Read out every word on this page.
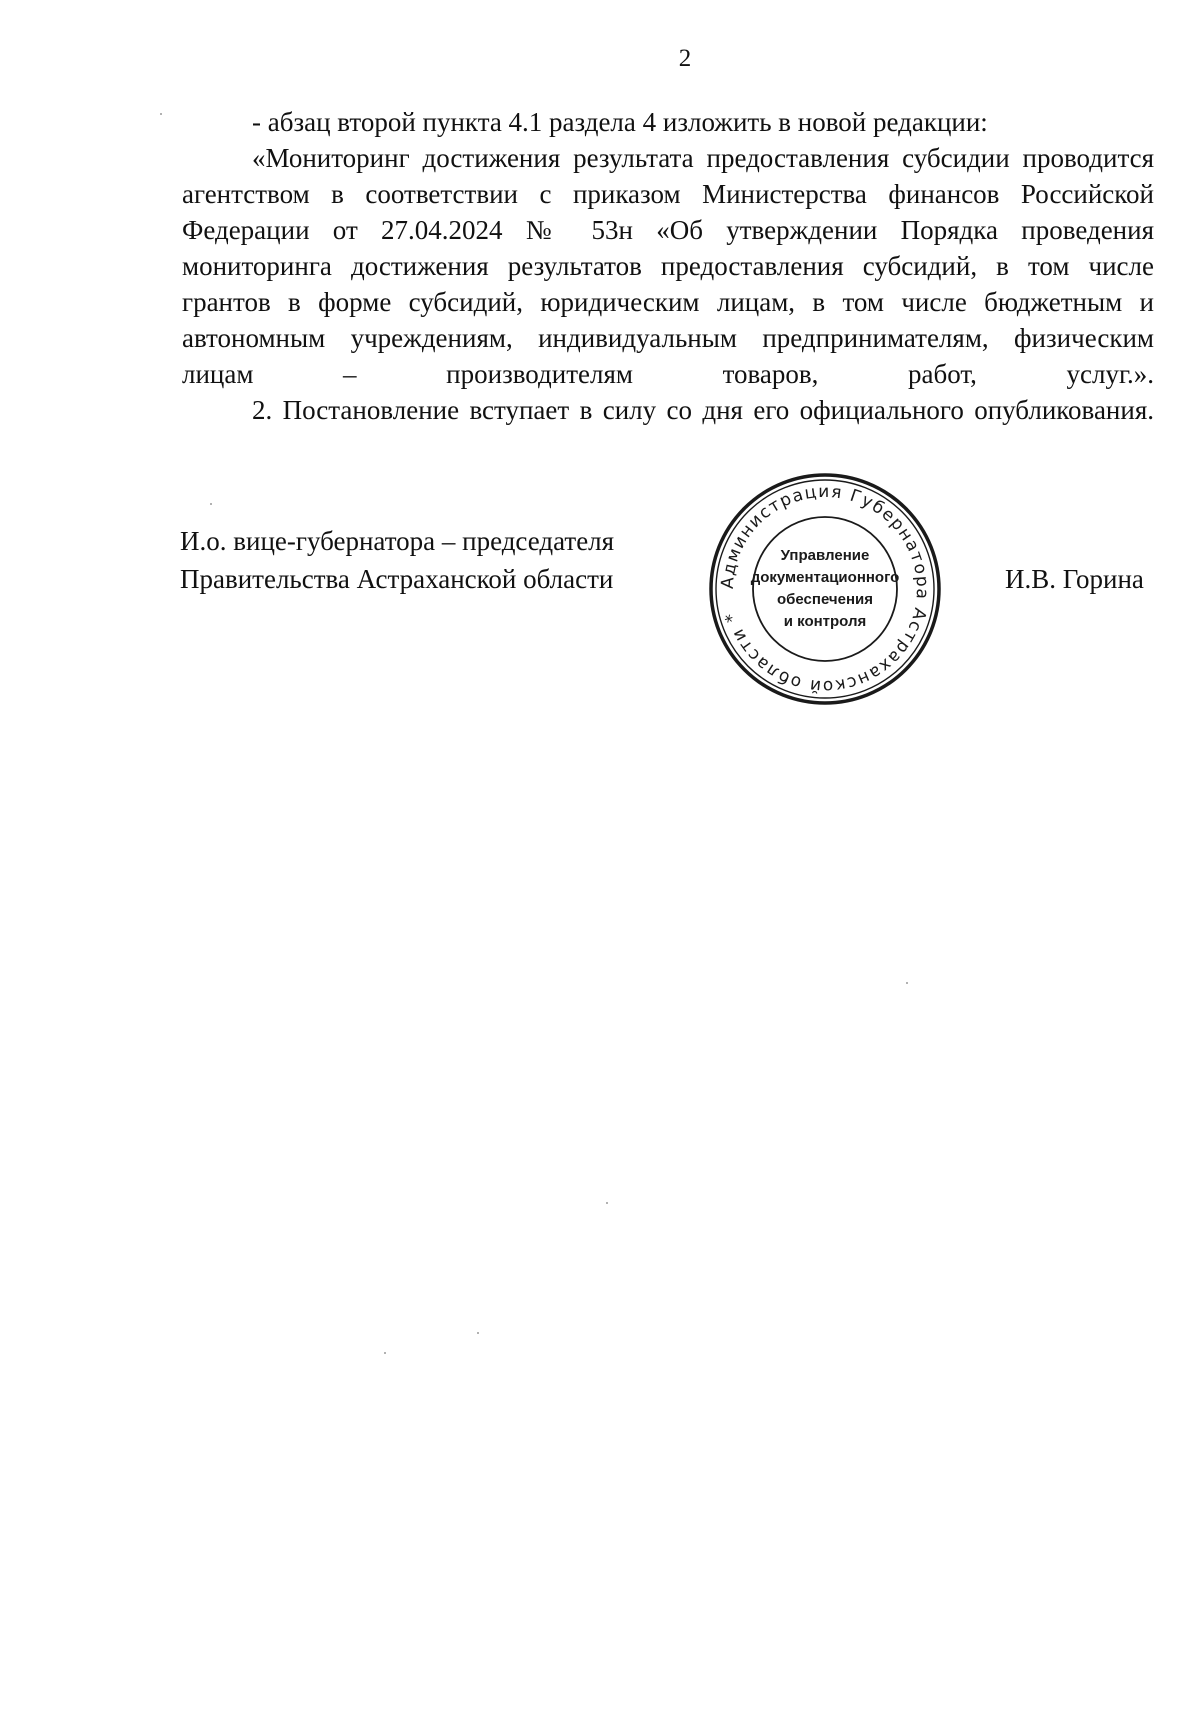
2

- абзац второй пункта 4.1 раздела 4 изложить в новой редакции:

«Мониторинг достижения результата предоставления субсидии проводится агентством в соответствии с приказом Министерства финансов Российской Федерации от 27.04.2024 № 53н «Об утверждении Порядка проведения мониторинга достижения результатов предоставления субсидий, в том числе грантов в форме субсидий, юридическим лицам, в том числе бюджетным и автономным учреждениям, индивидуальным предпринимателям, физическим лицам – производителям товаров, работ, услуг.».

2. Постановление вступает в силу со дня его официального опубликования.

И.о. вице-губернатора – председателя
Правительства Астраханской области	Администрация Губернатора Астраханской области *
Управление
документационного
обеспечения
и контроля
И.В. Горина
